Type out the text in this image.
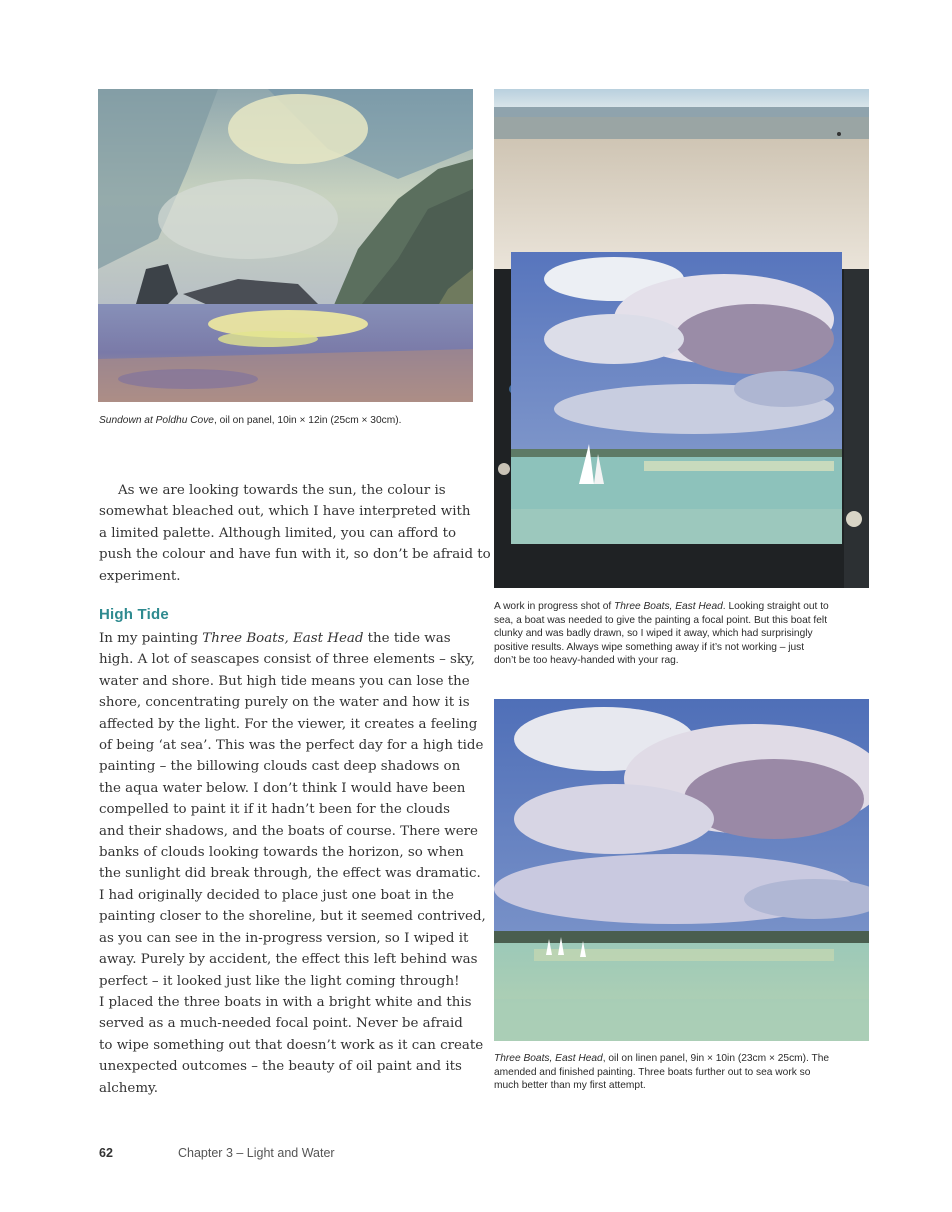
Sundown at Poldhu Cove, oil on panel, 10in × 12in (25cm × 30cm).
A work in progress shot of Three Boats, East Head. Looking straight out to
sea, a boat was needed to give the painting a focal point. But this boat felt
clunky and was badly drawn, so I wiped it away, which had surprisingly
positive results. Always wipe something away if it’s not working – just
don’t be too heavy-handed with your rag.
Three Boats, East Head, oil on linen panel, 9in × 10in (23cm × 25cm). The
amended and finished painting. Three boats further out to sea work so
much better than my first attempt.
As we are looking towards the sun, the colour is
somewhat bleached out, which I have interpreted with
a limited palette. Although limited, you can afford to
push the colour and have fun with it, so don’t be afraid to
experiment.
High Tide
In my painting Three Boats, East Head the tide was
high. A lot of seascapes consist of three elements – sky,
water and shore. But high tide means you can lose the
shore, concentrating purely on the water and how it is
affected by the light. For the viewer, it creates a feeling
of being ‘at sea’. This was the perfect day for a high tide
painting – the billowing clouds cast deep shadows on
the aqua water below. I don’t think I would have been
compelled to paint it if it hadn’t been for the clouds
and their shadows, and the boats of course. There were
banks of clouds looking towards the horizon, so when
the sunlight did break through, the effect was dramatic.
I had originally decided to place just one boat in the
painting closer to the shoreline, but it seemed contrived,
as you can see in the in-progress version, so I wiped it
away. Purely by accident, the effect this left behind was
perfect – it looked just like the light coming through!
I placed the three boats in with a bright white and this
served as a much-needed focal point. Never be afraid
to wipe something out that doesn’t work as it can create
unexpected outcomes – the beauty of oil paint and its
alchemy.
62	Chapter 3 – Light and Water
